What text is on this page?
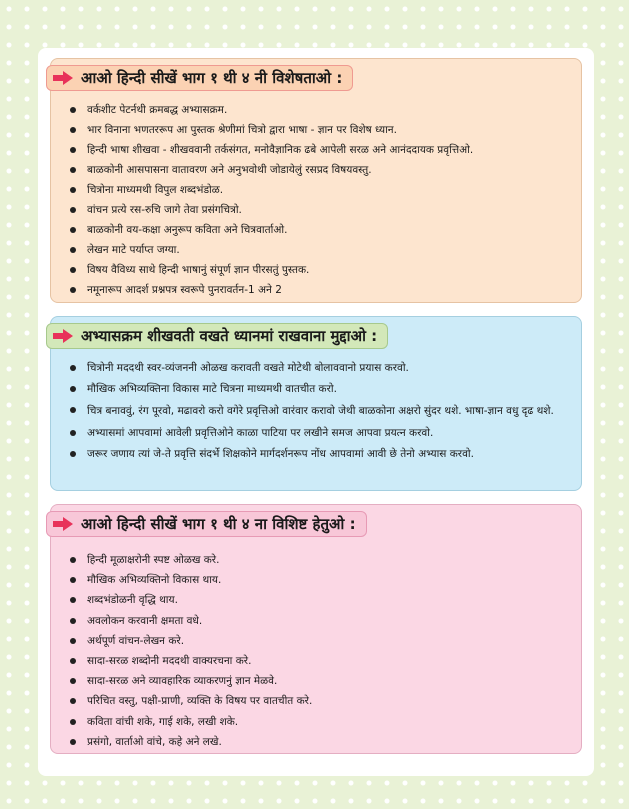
आओ हिन्दी सीखें भाग १ थी ४ नी विशेषताओ :
वर्कशीट पेटर्नथी क्रमबद्ध अभ्यासक्रम.
भार विनाना भणतररूप आ पुस्तक श्रेणीमां चित्रो द्वारा भाषा - ज्ञान पर विशेष ध्यान.
हिन्दी भाषा शीखवा - शीखववानी तर्कसंगत, मनोवैज्ञानिक ढबे आपेली सरळ अने आनंददायक प्रवृत्तिओ.
बाळकोनी आसपासना वातावरण अने अनुभवोथी जोडायेलुं रसप्रद विषयवस्तु.
चित्रोना माध्यमथी विपुल शब्दभंडोळ.
वांचन प्रत्ये रस-रुचि जागे तेवा प्रसंगचित्रो.
बाळकोनी वय-कक्षा अनुरूप कविता अने चित्रवार्ताओ.
लेखन माटे पर्याप्त जग्या.
विषय वैविध्य साथे हिन्दी भाषानुं संपूर्ण ज्ञान पीरसतुं पुस्तक.
नमूनारूप आदर्श प्रश्नपत्र स्वरूपे पुनरावर्तन-1 अने 2
अभ्यासक्रम शीखवती वखते ध्यानमां राखवाना मुद्दाओ :
चित्रोनी मददथी स्वर-व्यंजननी ओळख करावती वखते मोटेथी बोलाववानो प्रयास करवो.
मौखिक अभिव्यक्तिना विकास माटे चित्रना माध्यमथी वातचीत करो.
चित्र बनाववुं, रंग पूरवो, मढावरो करो वगेरे प्रवृत्तिओ वारंवार करावो जेथी बाळकोना अक्षरो सुंदर थशे. भाषा-ज्ञान वधु दृढ थशे.
अभ्यासमां आपवामां आवेली प्रवृत्तिओने काळा पाटिया पर लखीने समज आपवा प्रयत्न करवो.
जरूर जणाय त्यां जे-ते प्रवृत्ति संदर्भे शिक्षकोने मार्गदर्शनरूप नोंध आपवामां आवी छे तेनो अभ्यास करवो.
आओ हिन्दी सीखें भाग १ थी ४ ना विशिष्ट हेतुओ :
हिन्दी मूळाक्षरोनी स्पष्ट ओळख करे.
मौखिक अभिव्यक्तिनो विकास थाय.
शब्दभंडोळनी वृद्धि थाय.
अवलोकन करवानी क्षमता वधे.
अर्थपूर्ण वांचन-लेखन करे.
सादा-सरळ शब्दोनी मददथी वाक्यरचना करे.
सादा-सरळ अने व्यावहारिक व्याकरणनुं ज्ञान मेळवे.
परिचित वस्तु, पक्षी-प्राणी, व्यक्ति के विषय पर वातचीत करे.
कविता वांची शके, गाई शके, लखी शके.
प्रसंगो, वार्ताओ वांचे, कहे अने लखे.
